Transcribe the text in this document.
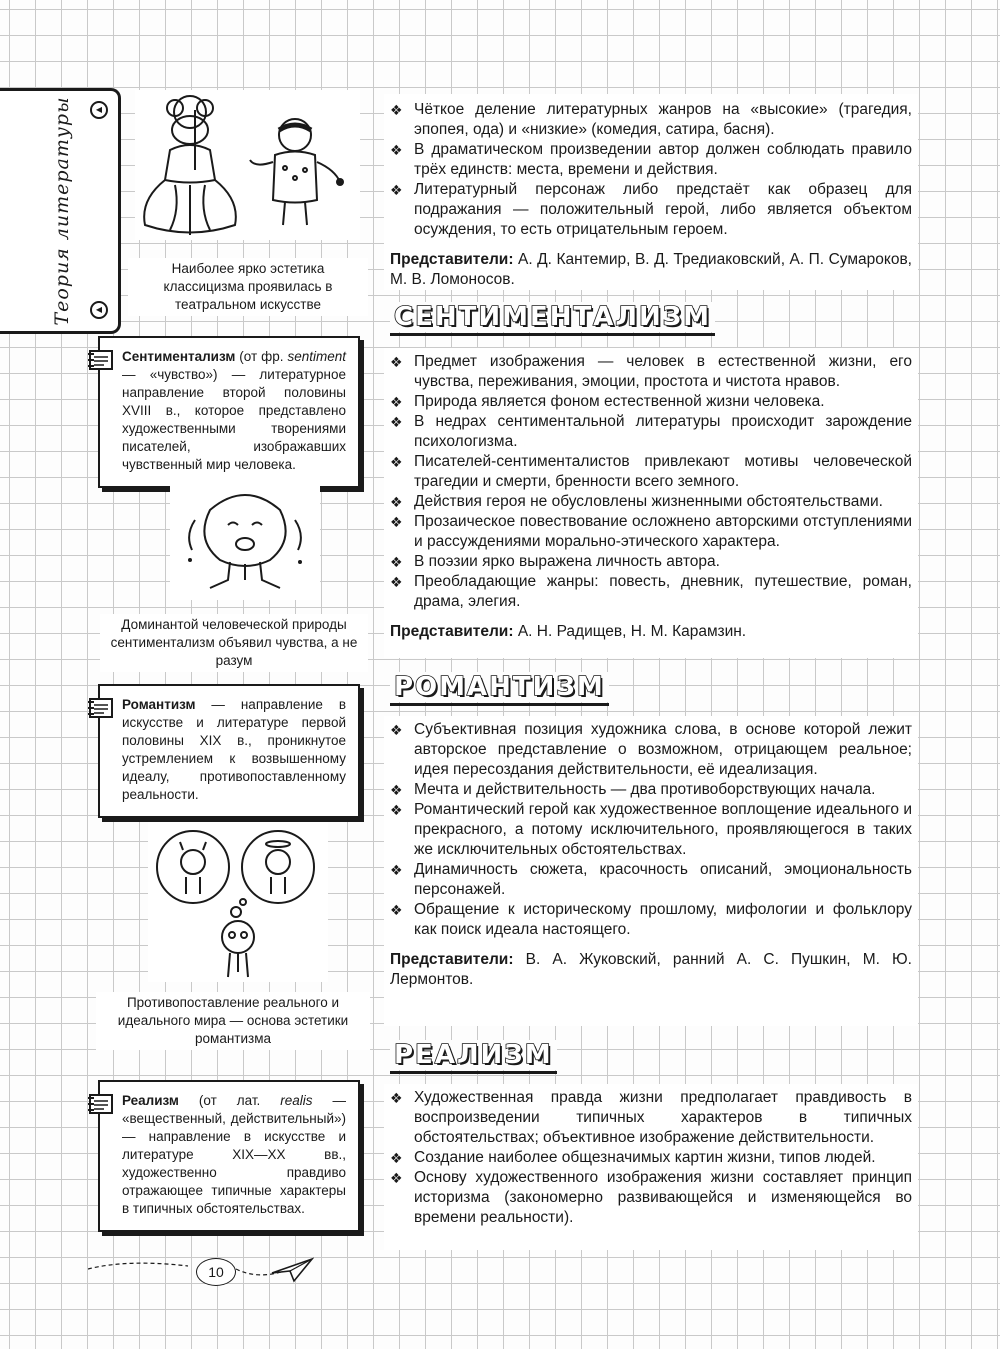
◀
Теория литературы	◀
Наиболее ярко эстетика классицизма проявилась в театральном искусстве
Сентиментализм (от фр. sentiment — «чувство») — литературное направление второй половины XVIII в., которое представлено художественными творениями писателей, изображавших чувственный мир человека.
Доминантой человеческой природы сентиментализм объявил чувства, а не разум
Романтизм — направление в искусстве и литературе первой половины XIX в., проникнутое устремлением к возвышенному идеалу, противопоставленному реальности.
Противопоставление реального и идеального мира — основа эстетики романтизма
Реализм (от лат. realis — «вещественный, действительный») — направление в искусстве и литературе XIX—XX вв., художественно правдиво отражающее типичные характеры в типичных обстоятельствах.
10
❖ Чёткое деление литературных жанров на «высокие» (трагедия, эпопея, ода) и «низкие» (комедия, сатира, басня).
❖ В драматическом произведении автор должен соблюдать правило трёх единств: места, времени и действия.
❖ Литературный персонаж либо предстаёт как образец для подражания — положительный герой, либо является объектом осуждения, то есть отрицательным героем.

Представители: А. Д. Кантемир, В. Д. Тредиаковский, А. П. Сумароков, М. В. Ломоносов.

СЕНТИМЕНТАЛИЗМ
❖ Предмет изображения — человек в естественной жизни, его чувства, переживания, эмоции, простота и чистота нравов.
❖ Природа является фоном естественной жизни человека.
❖ В недрах сентиментальной литературы происходит зарождение психологизма.
❖ Писателей-сентименталистов привлекают мотивы человеческой трагедии и смерти, бренности всего земного.
❖ Действия героя не обусловлены жизненными обстоятельствами.
❖ Прозаическое повествование осложнено авторскими отступлениями и рассуждениями морально-этического характера.
❖ В поэзии ярко выражена личность автора.
❖ Преобладающие жанры: повесть, дневник, путешествие, роман, драма, элегия.

Представители: А. Н. Радищев, Н. М. Карамзин.

РОМАНТИЗМ
❖ Субъективная позиция художника слова, в основе которой лежит авторское представление о возможном, отрицающем реальное; идея пересоздания действительности, её идеализация.
❖ Мечта и действительность — два противоборствующих начала.
❖ Романтический герой как художественное воплощение идеального и прекрасного, а потому исключительного, проявляющегося в таких же исключительных обстоятельствах.
❖ Динамичность сюжета, красочность описаний, эмоциональность персонажей.
❖ Обращение к историческому прошлому, мифологии и фольклору как поиск идеала настоящего.

Представители: В. А. Жуковский, ранний А. С. Пушкин, М. Ю. Лермонтов.

РЕАЛИЗМ
❖ Художественная правда жизни предполагает правдивость в воспроизведении типичных характеров в типичных обстоятельствах; объективное изображение действительности.
❖ Создание наиболее общезначимых картин жизни, типов людей.
❖ Основу художественного изображения жизни составляет принцип историзма (закономерно развивающейся и изменяющейся во времени реальности).
